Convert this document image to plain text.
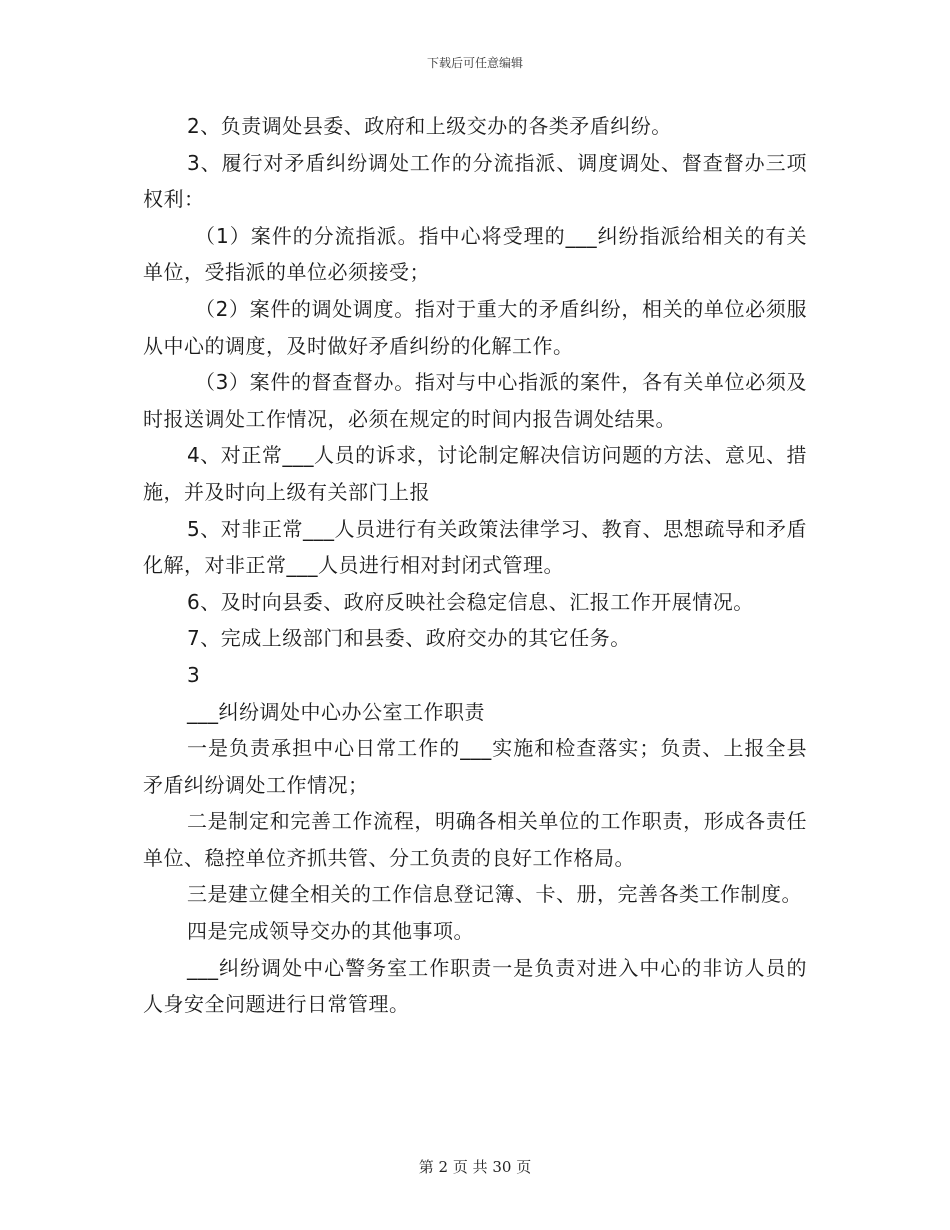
下载后可任意编辑

2、负责调处县委、政府和上级交办的各类矛盾纠纷。

3、履行对矛盾纠纷调处工作的分流指派、调度调处、督查督办三项权利：

（1）案件的分流指派。指中心将受理的___纠纷指派给相关的有关单位，受指派的单位必须接受；

（2）案件的调处调度。指对于重大的矛盾纠纷，相关的单位必须服从中心的调度，及时做好矛盾纠纷的化解工作。

（3）案件的督查督办。指对与中心指派的案件，各有关单位必须及时报送调处工作情况，必须在规定的时间内报告调处结果。

4、对正常___人员的诉求，讨论制定解决信访问题的方法、意见、措施，并及时向上级有关部门上报

5、对非正常___人员进行有关政策法律学习、教育、思想疏导和矛盾化解，对非正常___人员进行相对封闭式管理。

6、及时向县委、政府反映社会稳定信息、汇报工作开展情况。

7、完成上级部门和县委、政府交办的其它任务。

3

___纠纷调处中心办公室工作职责

一是负责承担中心日常工作的___实施和检查落实；负责、上报全县矛盾纠纷调处工作情况；

二是制定和完善工作流程，明确各相关单位的工作职责，形成各责任单位、稳控单位齐抓共管、分工负责的良好工作格局。

三是建立健全相关的工作信息登记簿、卡、册，完善各类工作制度。

四是完成领导交办的其他事项。

___纠纷调处中心警务室工作职责一是负责对进入中心的非访人员的人身安全问题进行日常管理。

第 2 页 共 30 页
